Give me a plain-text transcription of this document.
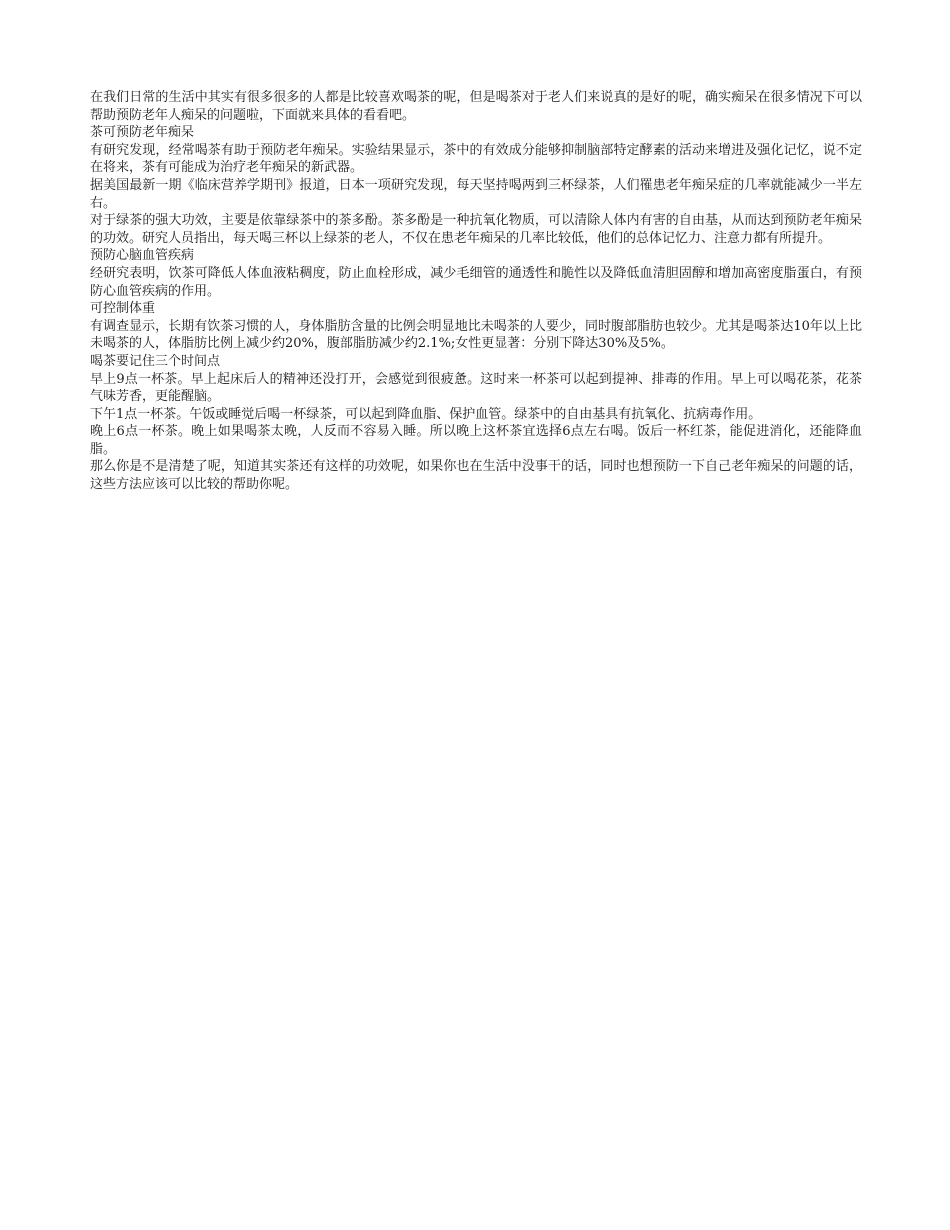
在我们日常的生活中其实有很多很多的人都是比较喜欢喝茶的呢，但是喝茶对于老人们来说真的是好的呢，确实痴呆在很多情况下可以帮助预防老年人痴呆的问题啦，下面就来具体的看看吧。

茶可预防老年痴呆

有研究发现，经常喝茶有助于预防老年痴呆。实验结果显示，茶中的有效成分能够抑制脑部特定酵素的活动来增进及强化记忆，说不定在将来，茶有可能成为治疗老年痴呆的新武器。

据美国最新一期《临床营养学期刊》报道，日本一项研究发现，每天坚持喝两到三杯绿茶，人们罹患老年痴呆症的几率就能减少一半左右。

对于绿茶的强大功效，主要是依靠绿茶中的茶多酚。茶多酚是一种抗氧化物质，可以清除人体内有害的自由基，从而达到预防老年痴呆的功效。研究人员指出，每天喝三杯以上绿茶的老人，不仅在患老年痴呆的几率比较低，他们的总体记忆力、注意力都有所提升。

预防心脑血管疾病

经研究表明，饮茶可降低人体血液粘稠度，防止血栓形成，减少毛细管的通透性和脆性以及降低血清胆固醇和增加高密度脂蛋白，有预防心血管疾病的作用。

可控制体重

有调查显示，长期有饮茶习惯的人，身体脂肪含量的比例会明显地比未喝茶的人要少，同时腹部脂肪也较少。尤其是喝茶达10年以上比未喝茶的人，体脂肪比例上减少约20%，腹部脂肪减少约2.1%;女性更显著：分别下降达30%及5%。

喝茶要记住三个时间点

早上9点一杯茶。早上起床后人的精神还没打开，会感觉到很疲惫。这时来一杯茶可以起到提神、排毒的作用。早上可以喝花茶，花茶气味芳香，更能醒脑。

下午1点一杯茶。午饭或睡觉后喝一杯绿茶，可以起到降血脂、保护血管。绿茶中的自由基具有抗氧化、抗病毒作用。

晚上6点一杯茶。晚上如果喝茶太晚，人反而不容易入睡。所以晚上这杯茶宜选择6点左右喝。饭后一杯红茶，能促进消化，还能降血脂。

那么你是不是清楚了呢，知道其实茶还有这样的功效呢，如果你也在生活中没事干的话，同时也想预防一下自己老年痴呆的问题的话，这些方法应该可以比较的帮助你呢。
